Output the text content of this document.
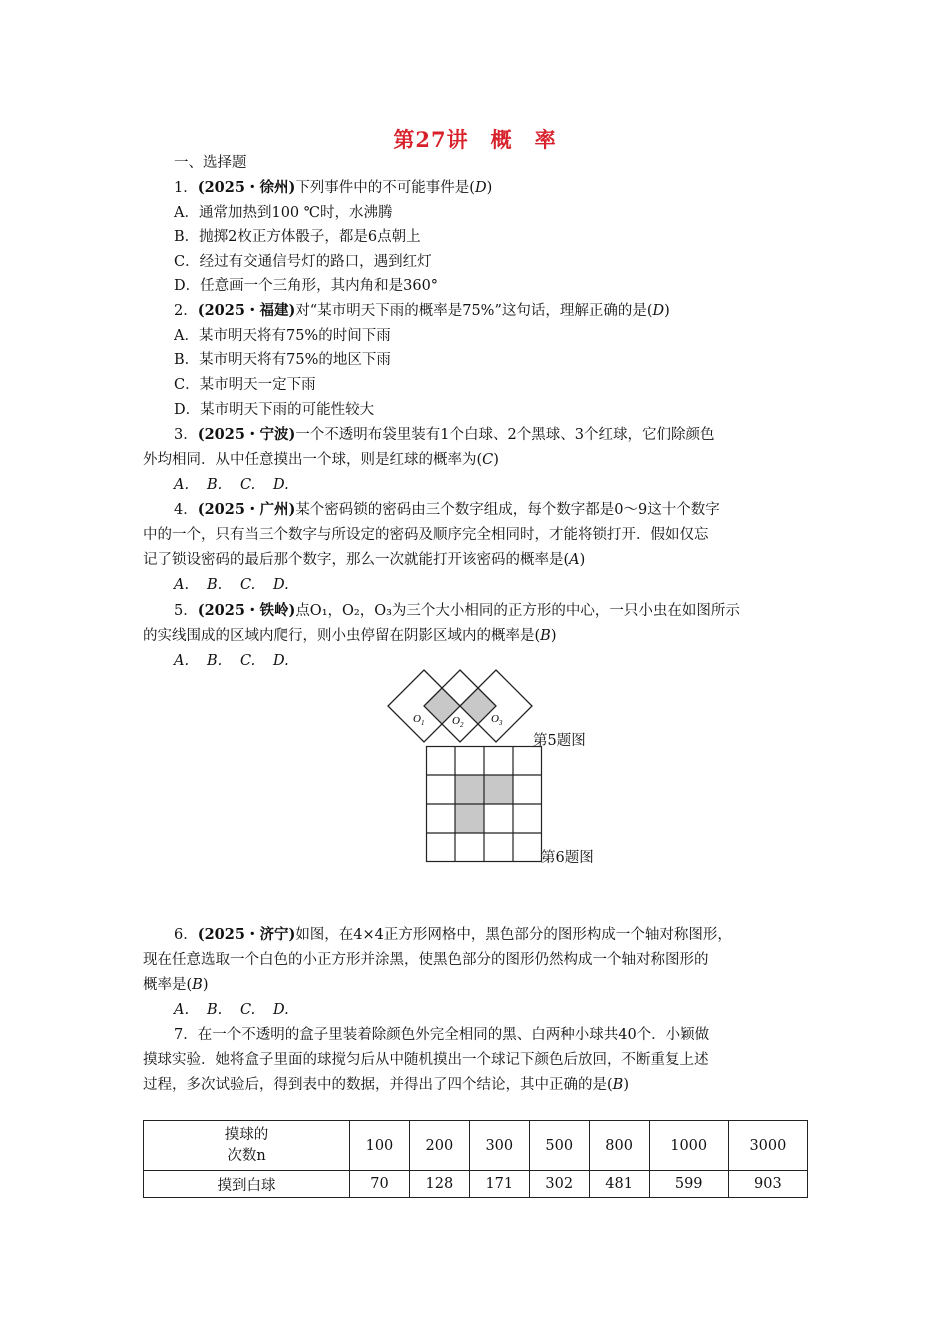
第27讲　概　率
一、选择题
1．(2025・徐州)下列事件中的不可能事件是(D)
A．通常加热到100 ℃时，水沸腾
B．抛掷2枚正方体骰子，都是6点朝上
C．经过有交通信号灯的路口，遇到红灯
D．任意画一个三角形，其内角和是360°
2．(2025・福建)对“某市明天下雨的概率是75%”这句话，理解正确的是(D)
A．某市明天将有75%的时间下雨
B．某市明天将有75%的地区下雨
C．某市明天一定下雨
D．某市明天下雨的可能性较大
3．(2025・宁波)一个不透明布袋里装有1个白球、2个黑球、3个红球，它们除颜色
外均相同．从中任意摸出一个球，则是红球的概率为(C)
A. B. C. D.
4．(2025・广州)某个密码锁的密码由三个数字组成，每个数字都是0～9这十个数字
中的一个，只有当三个数字与所设定的密码及顺序完全相同时，才能将锁打开．假如仅忘
记了锁设密码的最后那个数字，那么一次就能打开该密码的概率是(A)
A. B. C. D.
5．(2025・铁岭)点O₁，O₂，O₃为三个大小相同的正方形的中心，一只小虫在如图所示
的实线围成的区域内爬行，则小虫停留在阴影区域内的概率是(B)
A. B. C. D.
$O_1$	$O_2$	$O_3$
第5题图
第6题图
6．(2025・济宁)如图，在4×4正方形网格中，黑色部分的图形构成一个轴对称图形，
现在任意选取一个白色的小正方形并涂黑，使黑色部分的图形仍然构成一个轴对称图形的
概率是(B)
A. B. C. D.
7．在一个不透明的盒子里装着除颜色外完全相同的黑、白两种小球共40个．小颖做
摸球实验．她将盒子里面的球搅匀后从中随机摸出一个球记下颜色后放回，不断重复上述
过程，多次试验后，得到表中的数据，并得出了四个结论，其中正确的是(B)
摸球的
次数n	100	200	300	500	800	1000	3000
摸到白球	70	128	171	302	481	599	903
